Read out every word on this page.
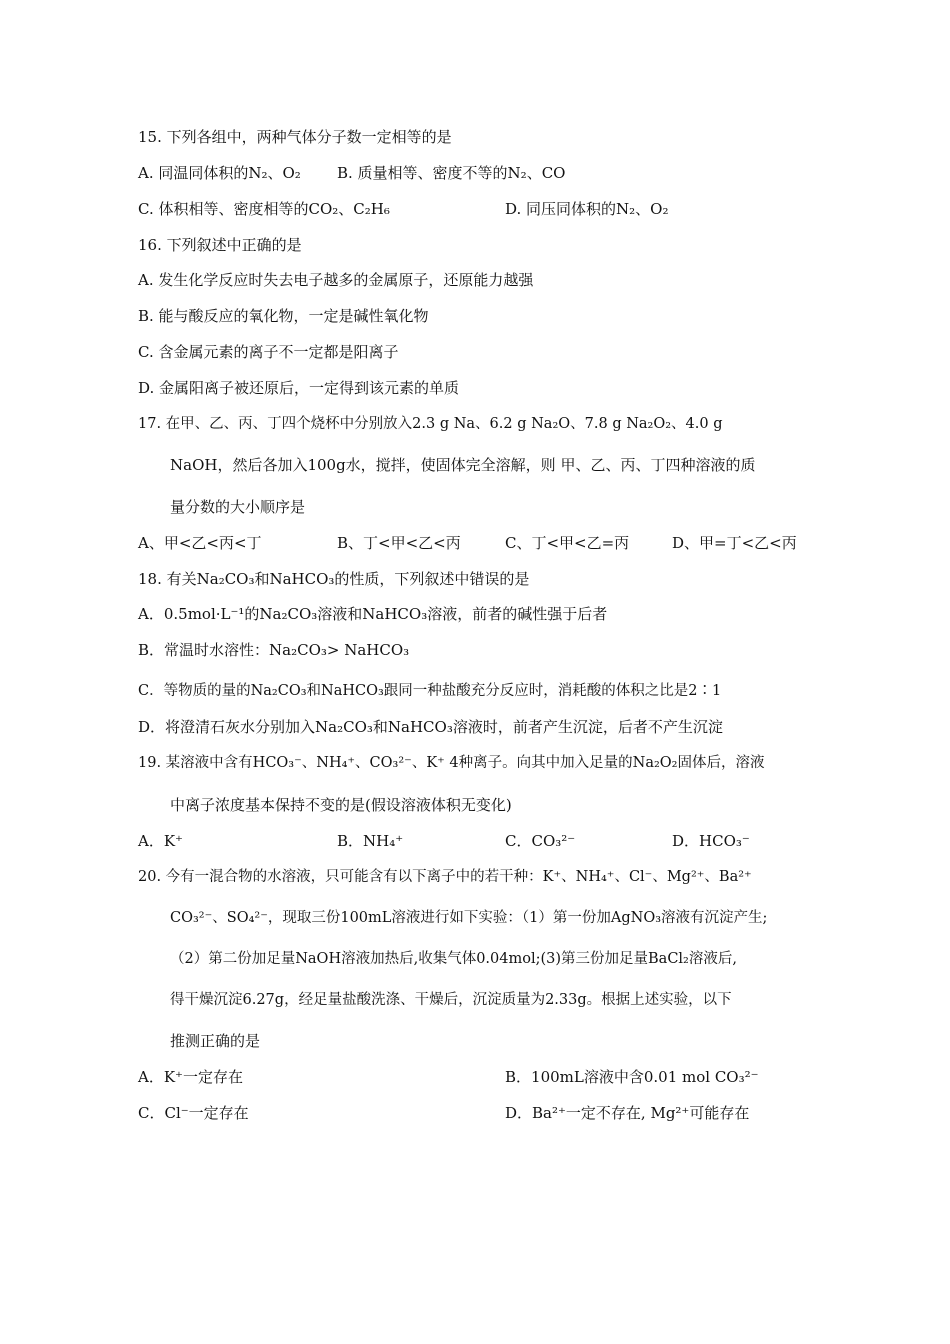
15. 下列各组中，两种气体分子数一定相等的是
A. 同温同体积的N₂、O₂ B. 质量相等、密度不等的N₂、CO
C. 体积相等、密度相等的CO₂、C₂H₆	D. 同压同体积的N₂、O₂
16. 下列叙述中正确的是
A. 发生化学反应时失去电子越多的金属原子，还原能力越强
B. 能与酸反应的氧化物，一定是碱性氧化物
C. 含金属元素的离子不一定都是阳离子
D. 金属阳离子被还原后，一定得到该元素的单质
17. 在甲、乙、丙、丁四个烧杯中分别放入2.3 g Na、6.2 g Na₂O、7.8 g Na₂O₂、4.0 g
NaOH，然后各加入100g水，搅拌，使固体完全溶解，则 甲、乙、丙、丁四种溶液的质
量分数的大小顺序是
A、甲<乙<丙<丁	B、丁<甲<乙<丙	C、丁<甲<乙=丙	D、甲=丁<乙<丙
18. 有关Na₂CO₃和NaHCO₃的性质，下列叙述中错误的是
A．0.5mol·L⁻¹的Na₂CO₃溶液和NaHCO₃溶液，前者的碱性强于后者
B．常温时水溶性：Na₂CO₃> NaHCO₃
C．等物质的量的Na₂CO₃和NaHCO₃跟同一种盐酸充分反应时，消耗酸的体积之比是2∶1
D．将澄清石灰水分别加入Na₂CO₃和NaHCO₃溶液时，前者产生沉淀，后者不产生沉淀
19. 某溶液中含有HCO₃⁻、NH₄⁺、CO₃²⁻、K⁺ 4种离子。向其中加入足量的Na₂O₂固体后，溶液
中离子浓度基本保持不变的是(假设溶液体积无变化)
A．K⁺	B．NH₄⁺	C．CO₃²⁻	D．HCO₃⁻
20. 今有一混合物的水溶液，只可能含有以下离子中的若干种：K⁺、NH₄⁺、Cl⁻、Mg²⁺、Ba²⁺
CO₃²⁻、SO₄²⁻，现取三份100mL溶液进行如下实验：（1）第一份加AgNO₃溶液有沉淀产生;
（2）第二份加足量NaOH溶液加热后,收集气体0.04mol;(3)第三份加足量BaCl₂溶液后,
得干燥沉淀6.27g，经足量盐酸洗涤、干燥后，沉淀质量为2.33g。根据上述实验，以下
推测正确的是
A．K⁺一定存在	B．100mL溶液中含0.01 mol CO₃²⁻
C．Cl⁻一定存在	D．Ba²⁺一定不存在, Mg²⁺可能存在
